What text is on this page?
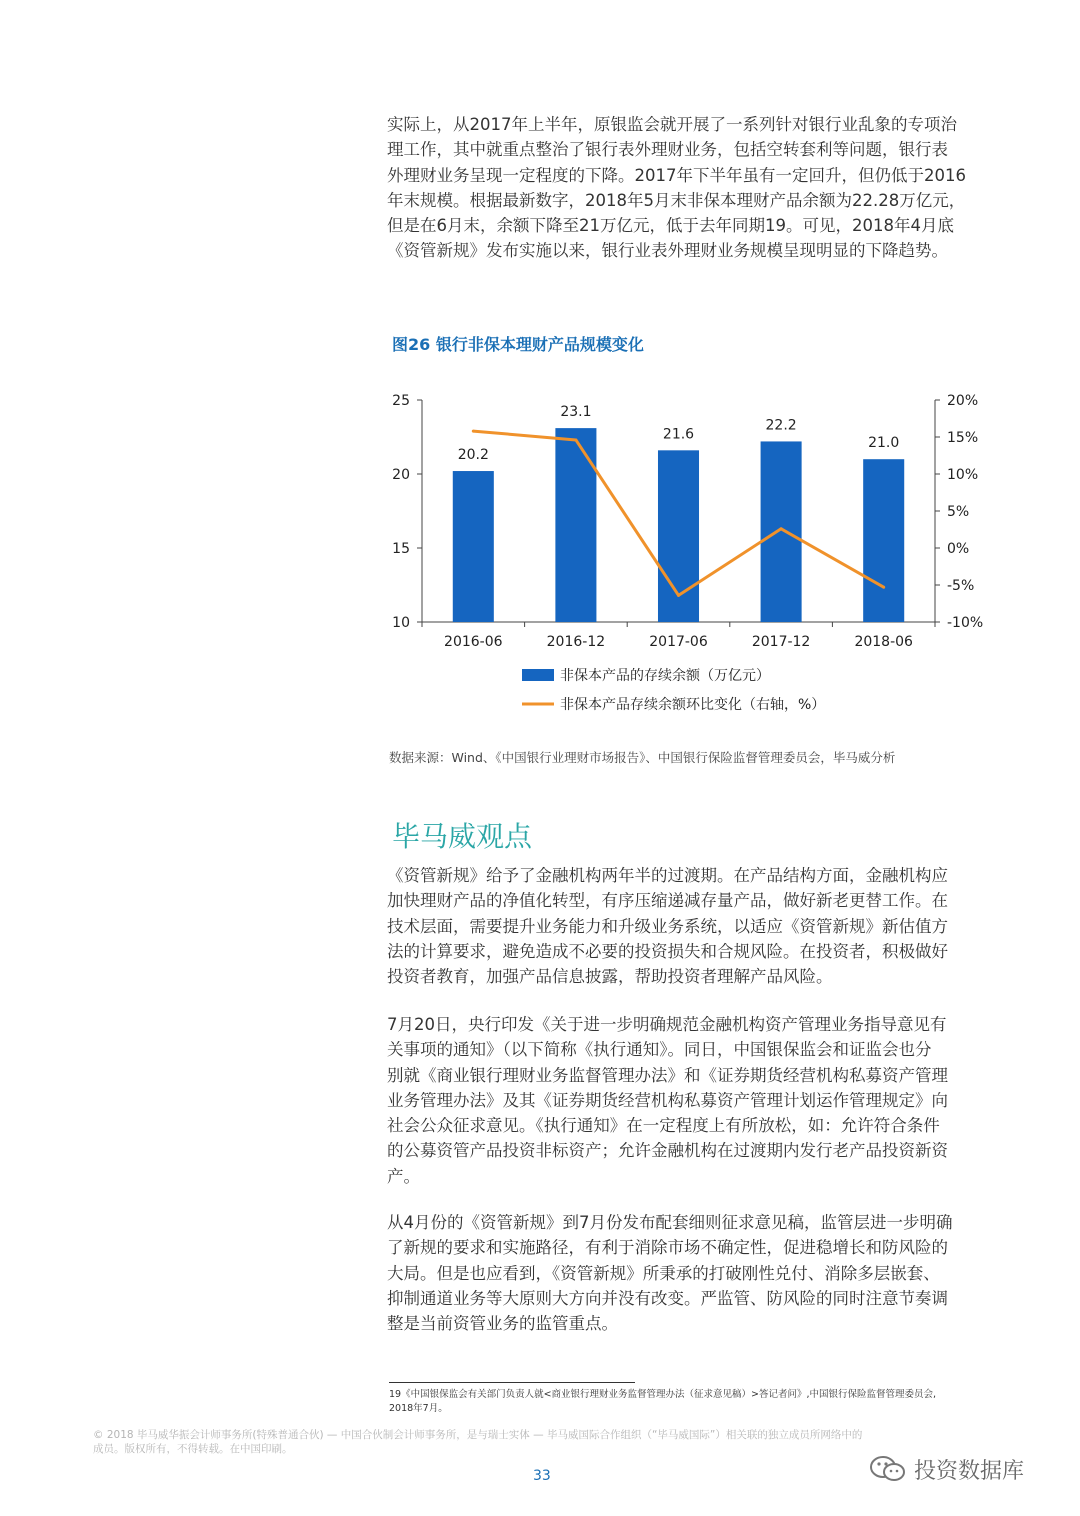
实际上，从2017年上半年，原银监会就开展了一系列针对银行业乱象的专项治
理工作，其中就重点整治了银行表外理财业务，包括空转套利等问题，银行表
外理财业务呈现一定程度的下降。2017年下半年虽有一定回升，但仍低于2016
年末规模。根据最新数字，2018年5月末非保本理财产品余额为22.28万亿元，
但是在6月末，余额下降至21万亿元，低于去年同期19。可见，2018年4月底
《资管新规》发布实施以来，银行业表外理财业务规模呈现明显的下降趋势。
图26 银行非保本理财产品规模变化
10
15
20
25
-10%
-5%
0%
5%
10%
15%
20%
2016-06	2016-12	2017-06	2017-12	2018-06
20.2
23.1
21.6
22.2
21.0
非保本产品的存续余额（万亿元）
非保本产品存续余额环比变化（右轴，%）
数据来源：Wind、《中国银行业理财市场报告》、中国银行保险监督管理委员会，毕马威分析
毕马威观点
《资管新规》给予了金融机构两年半的过渡期。在产品结构方面，金融机构应
加快理财产品的净值化转型，有序压缩递减存量产品，做好新老更替工作。在
技术层面，需要提升业务能力和升级业务系统，以适应《资管新规》新估值方
法的计算要求，避免造成不必要的投资损失和合规风险。在投资者，积极做好
投资者教育，加强产品信息披露，帮助投资者理解产品风险。
7月20日，央行印发《关于进一步明确规范金融机构资产管理业务指导意见有
关事项的通知》（以下简称《执行通知》。同日，中国银保监会和证监会也分
别就《商业银行理财业务监督管理办法》和《证券期货经营机构私募资产管理
业务管理办法》及其《证券期货经营机构私募资产管理计划运作管理规定》向
社会公众征求意见。《执行通知》在一定程度上有所放松，如：允许符合条件
的公募资管产品投资非标资产；允许金融机构在过渡期内发行老产品投资新资
产。
从4月份的《资管新规》到7月份发布配套细则征求意见稿，监管层进一步明确
了新规的要求和实施路径，有利于消除市场不确定性，促进稳增长和防风险的
大局。但是也应看到，《资管新规》所秉承的打破刚性兑付、消除多层嵌套、
抑制通道业务等大原则大方向并没有改变。严监管、防风险的同时注意节奏调
整是当前资管业务的监管重点。
19《中国银保监会有关部门负责人就<商业银行理财业务监督管理办法（征求意见稿）>答记者问》,中国银行保险监督管理委员会,
2018年7月。
© 2018 毕马威华振会计师事务所(特殊普通合伙) — 中国合伙制会计师事务所，是与瑞士实体 — 毕马威国际合作组织（“毕马威国际”）相关联的独立成员所网络中的
成员。版权所有，不得转载。在中国印刷。
33	投资数据库
